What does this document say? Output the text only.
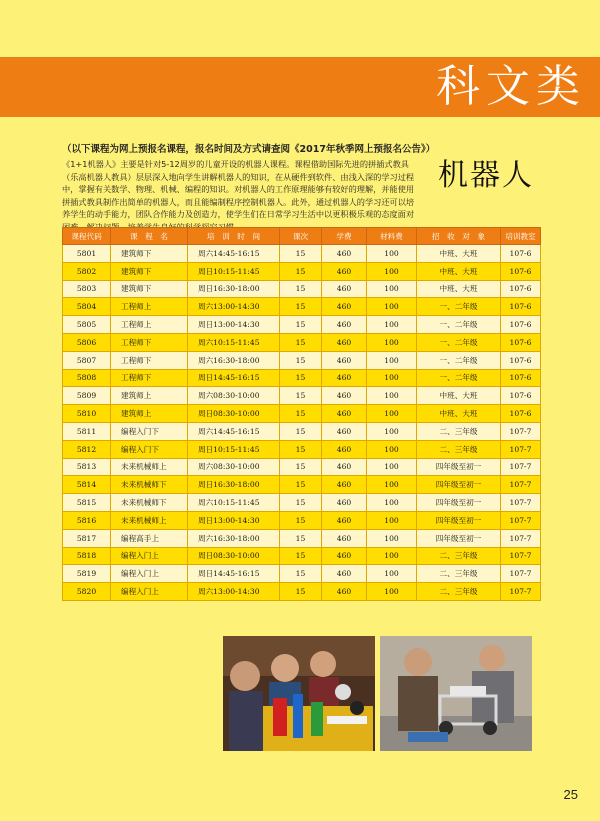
科文类
（以下课程为网上预报名课程，报名时间及方式请查阅《2017年秋季网上预报名公告》）
机器人
《1+1机器人》主要是针对5-12周岁的儿童开设的机器人课程。课程借助国际先进的拼插式教具（乐高机器人教具）层层深入地向学生讲解机器人的知识，在从硬件到软件、由浅入深的学习过程中，掌握有关数学、物理、机械、编程的知识。对机器人的工作原理能够有较好的理解，并能使用拼插式教具制作出简单的机器人，而且能编制程序控制机器人。此外，通过机器人的学习还可以培养学生的动手能力，团队合作能力及创造力，使学生们在日常学习生活中以更积极乐观的态度面对
课程代码	课　程　名	培　训　时　间	课次	学费	材料费	招　收　对　象	培训教室
5801	建筑师下	周六14:45-16:15	15	460	100	中班、大班	107-6
5802	建筑师下	周日10:15-11:45	15	460	100	中班、大班	107-6
5803	建筑师下	周日16:30-18:00	15	460	100	中班、大班	107-6
5804	工程师上	周六13:00-14:30	15	460	100	一、二年级	107-6
5805	工程师上	周日13:00-14:30	15	460	100	一、二年级	107-6
5806	工程师下	周六10:15-11:45	15	460	100	一、二年级	107-6
5807	工程师下	周六16:30-18:00	15	460	100	一、二年级	107-6
5808	工程师下	周日14:45-16:15	15	460	100	一、二年级	107-6
5809	建筑师上	周六08:30-10:00	15	460	100	中班、大班	107-6
5810	建筑师上	周日08:30-10:00	15	460	100	中班、大班	107-6
5811	编程入门下	周六14:45-16:15	15	460	100	二、三年级	107-7
5812	编程入门下	周日10:15-11:45	15	460	100	二、三年级	107-7
5813	未来机械师上	周六08:30-10:00	15	460	100	四年级至初一	107-7
5814	未来机械师下	周日16:30-18:00	15	460	100	四年级至初一	107-7
5815	未来机械师下	周六10:15-11:45	15	460	100	四年级至初一	107-7
5816	未来机械师上	周日13:00-14:30	15	460	100	四年级至初一	107-7
5817	编程高手上	周六16:30-18:00	15	460	100	四年级至初一	107-7
5818	编程入门上	周日08:30-10:00	15	460	100	二、三年级	107-7
5819	编程入门上	周日14:45-16:15	15	460	100	二、三年级	107-7
5820	编程入门上	周六13:00-14:30	15	460	100	二、三年级	107-7
25
